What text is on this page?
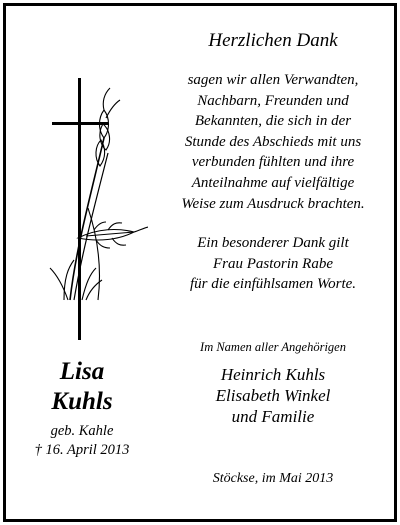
Herzlichen Dank
sagen wir allen Verwandten,
Nachbarn, Freunden und
Bekannten, die sich in der
Stunde des Abschieds mit uns
verbunden fühlten und ihre
Anteilnahme auf vielfältige
Weise zum Ausdruck brachten.
Ein besonderer Dank gilt
Frau Pastorin Rabe
für die einfühlsamen Worte.
Im Namen aller Angehörigen
Heinrich Kuhls
Elisabeth Winkel
und Familie
Stöckse, im Mai 2013
Lisa
Kuhls
geb. Kahle
† 16. April 2013
